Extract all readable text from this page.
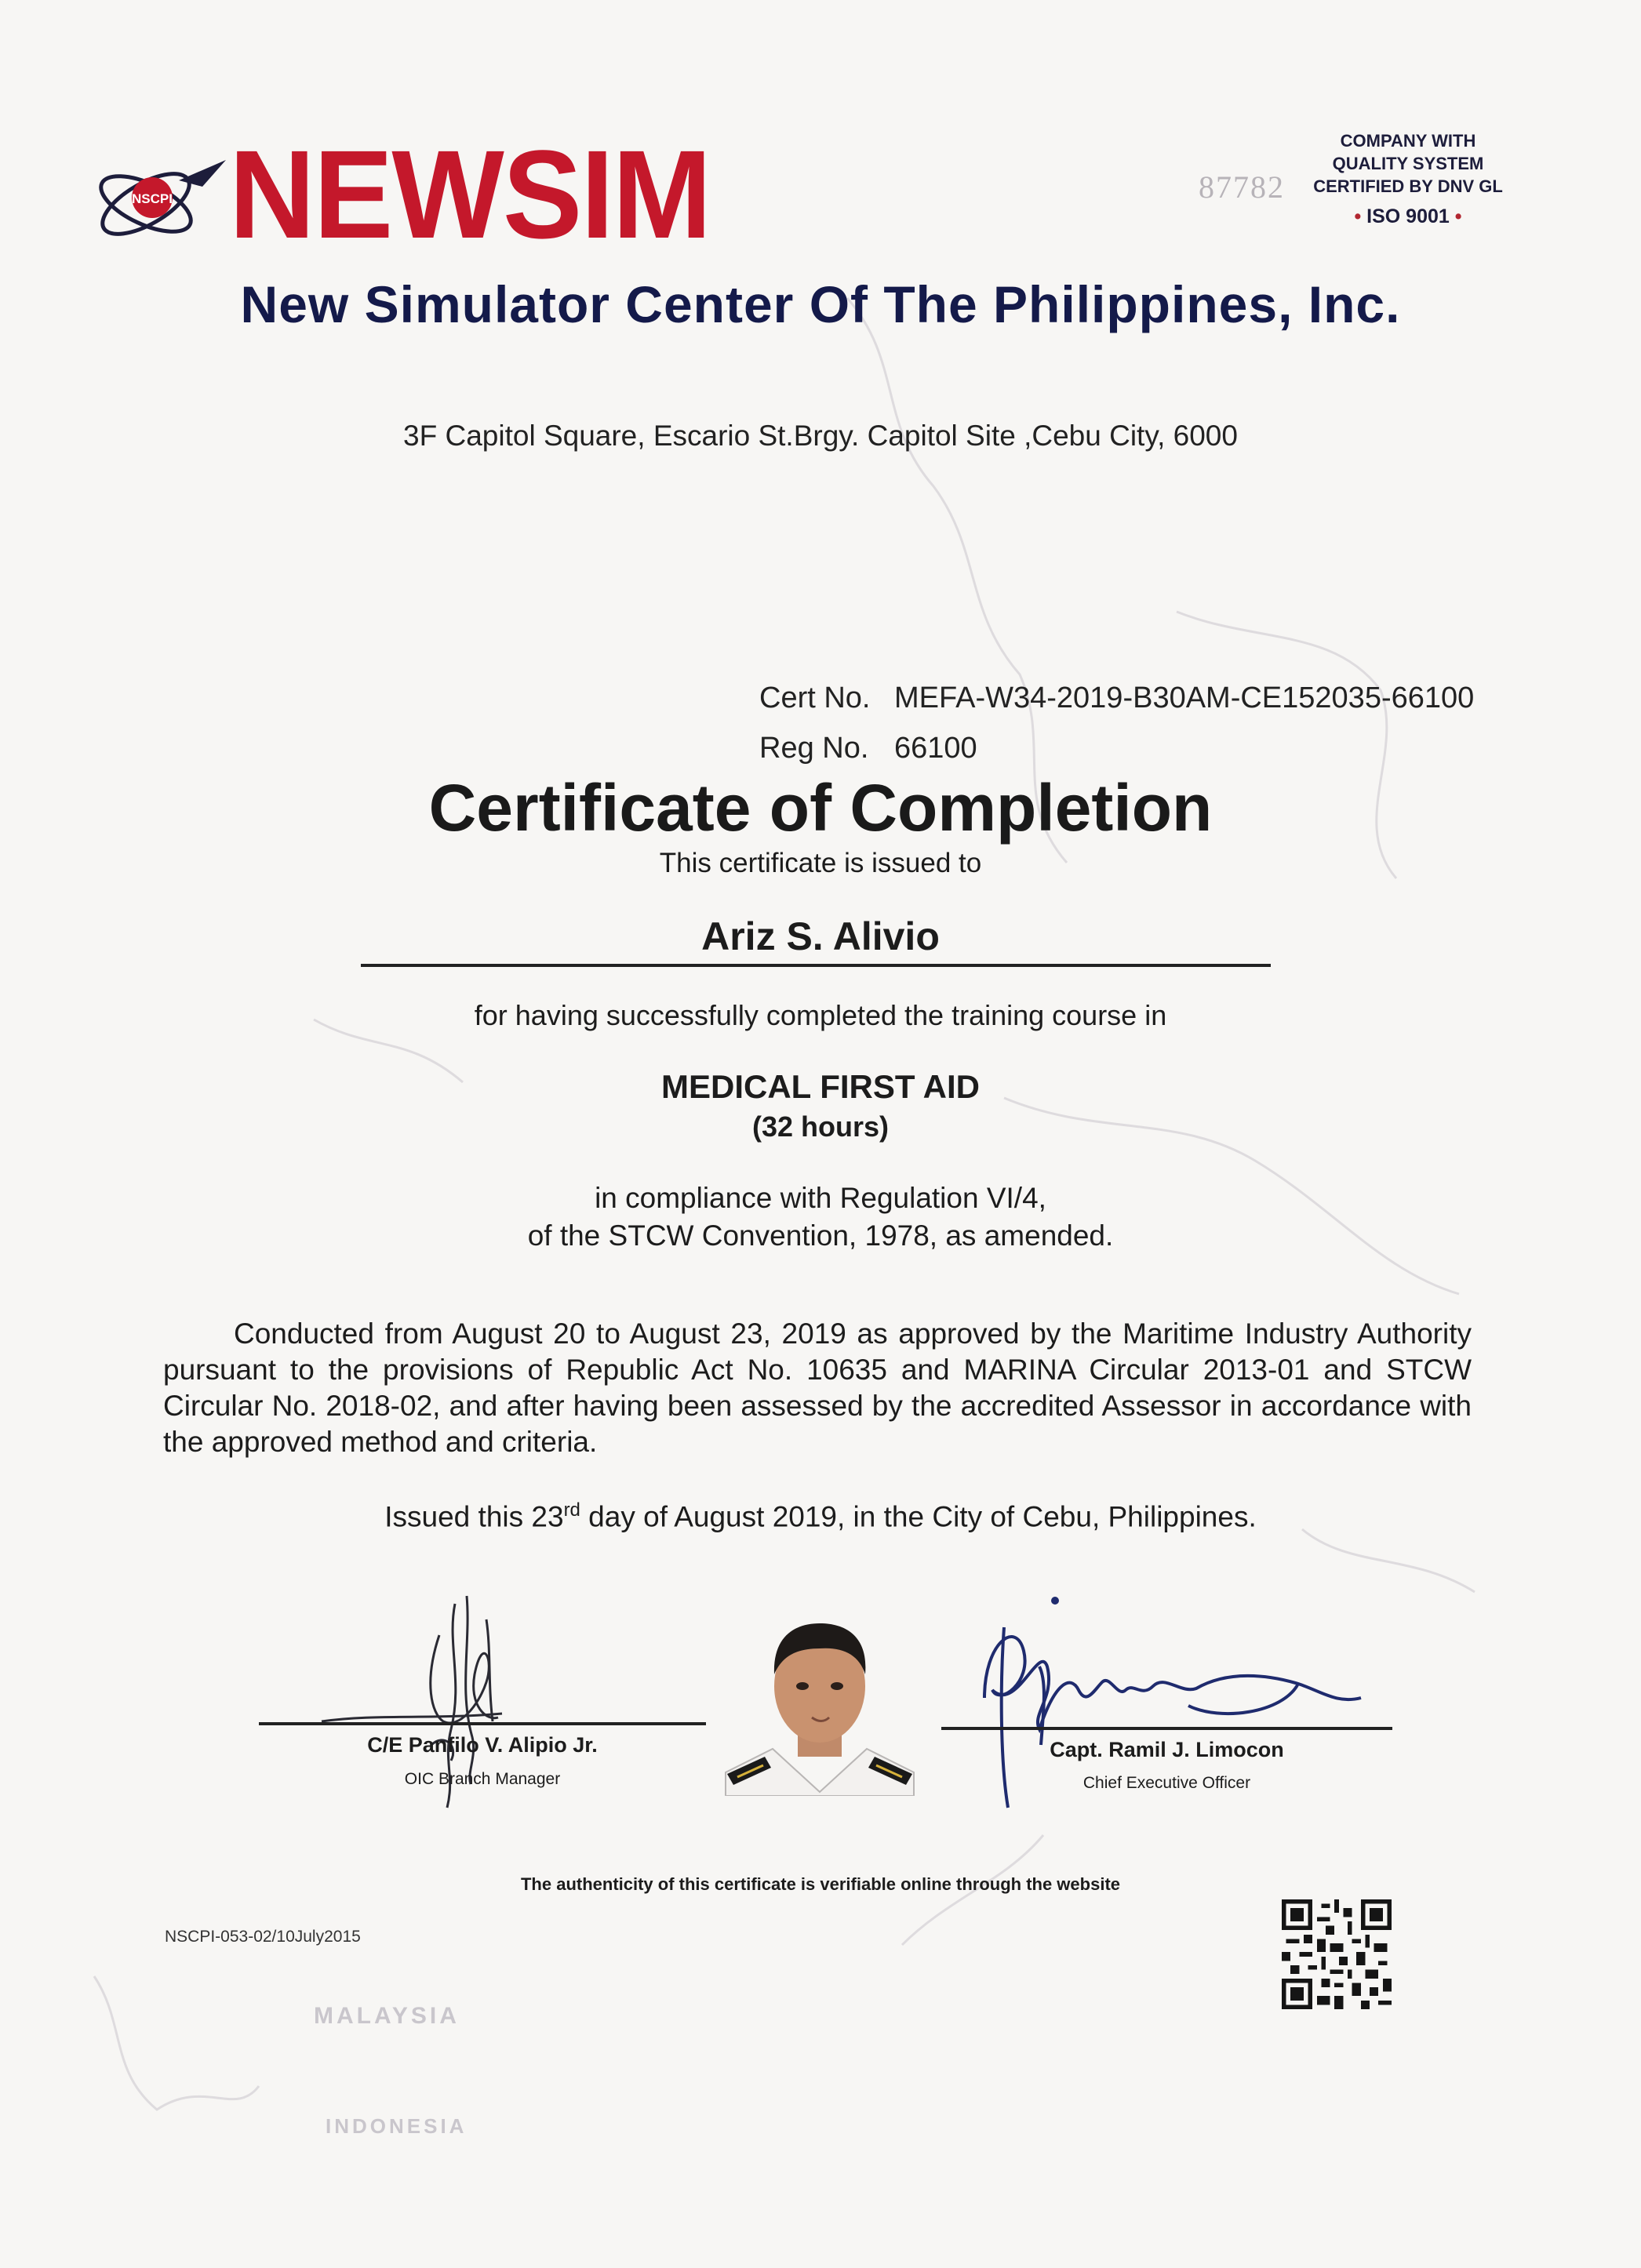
MALAYSIA
INDONESIA
NSCPI NEWSIM	87782
COMPANY WITH
QUALITY SYSTEM
CERTIFIED BY DNV GL
• ISO 9001 •
New Simulator Center Of The Philippines, Inc.
3F Capitol Square, Escario St.Brgy. Capitol Site ,Cebu City, 6000
Cert No. MEFA-W34-2019-B30AM-CE152035-66100
Reg No. 66100
Certificate of Completion
This certificate is issued to
Ariz S. Alivio
for having successfully completed the training course in
MEDICAL FIRST AID
(32 hours)
in compliance with Regulation VI/4,
of the STCW Convention, 1978, as amended.
Conducted from August 20 to August 23, 2019 as approved by the Maritime Industry Authority pursuant to the provisions of Republic Act No. 10635 and MARINA Circular 2013-01 and STCW Circular No. 2018-02, and after having been assessed by the accredited Assessor in accordance with the approved method and criteria.
Issued this 23rd day of August 2019, in the City of Cebu, Philippines.
C/E Panfilo V. Alipio Jr.
OIC Branch Manager
Capt. Ramil J. Limocon
Chief Executive Officer
The authenticity of this certificate is verifiable online through the website
NSCPI-053-02/10July2015
